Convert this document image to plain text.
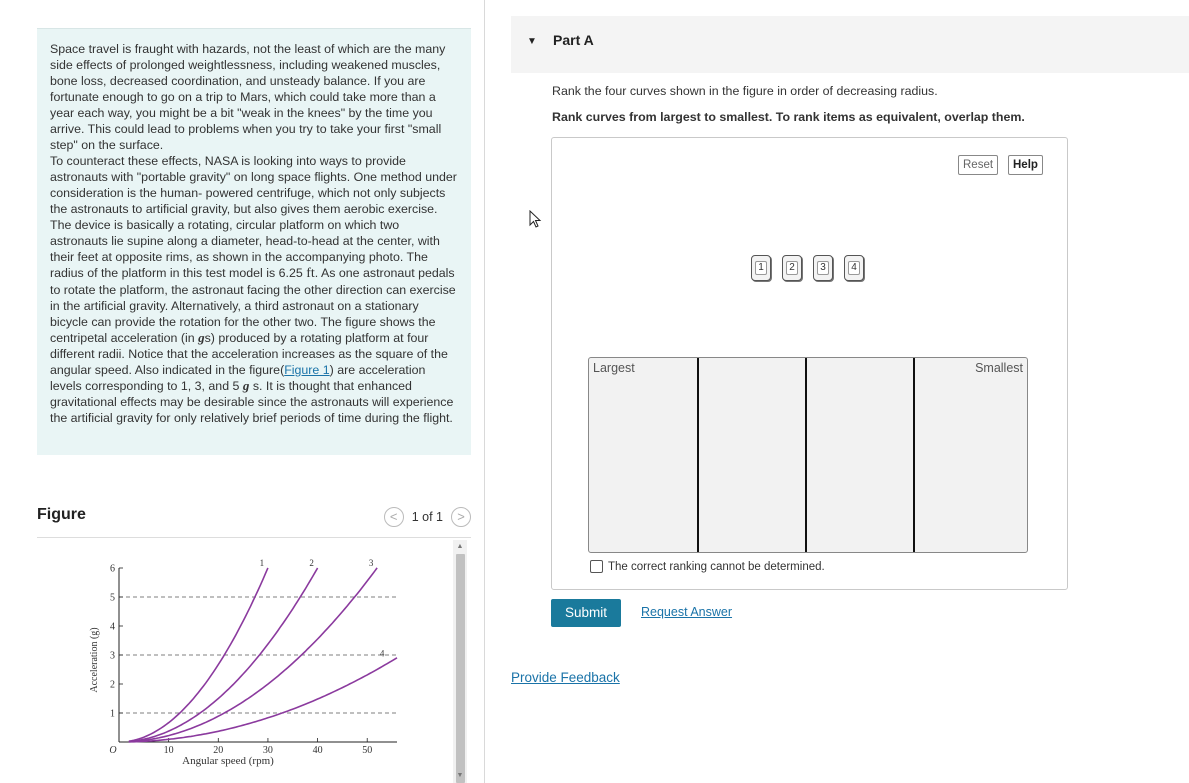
Space travel is fraught with hazards, not the least of which are the many side effects of prolonged weightlessness, including weakened muscles, bone loss, decreased coordination, and unsteady balance. If you are fortunate enough to go on a trip to Mars, which could take more than a year each way, you might be a bit "weak in the knees" by the time you arrive. This could lead to problems when you try to take your first "small step" on the surface.

To counteract these effects, NASA is looking into ways to provide astronauts with "portable gravity" on long space flights. One method under consideration is the human- powered centrifuge, which not only subjects the astronauts to artificial gravity, but also gives them aerobic exercise. The device is basically a rotating, circular platform on which two astronauts lie supine along a diameter, head-to-head at the center, with their feet at opposite rims, as shown in the accompanying photo. The radius of the platform in this test model is 6.25 ft. As one astronaut pedals to rotate the platform, the astronaut facing the other direction can exercise in the artificial gravity. Alternatively, a third astronaut on a stationary bicycle can provide the rotation for the other two. The figure shows the centripetal acceleration (in gs) produced by a rotating platform at four different radii. Notice that the acceleration increases as the square of the angular speed. Also indicated in the figure(Figure 1) are acceleration levels corresponding to 1, 3, and 5 g s. It is thought that enhanced gravitational effects may be desirable since the astronauts will experience the artificial gravity for only relatively brief periods of time during the flight.

Figure	<	1 of 1	>
10	20	30	40	50
1
2
3
4
5
6
O
Angular speed (rpm)
Acceleration (g)
1	2	3
4
▲
▼
▼ Part A
Rank the four curves shown in the figure in order of decreasing radius.
Rank curves from largest to smallest. To rank items as equivalent, overlap them.
Reset	Help
1	2	3	4
Largest	Smallest
The correct ranking cannot be determined.
Submit	Request Answer
Provide Feedback
